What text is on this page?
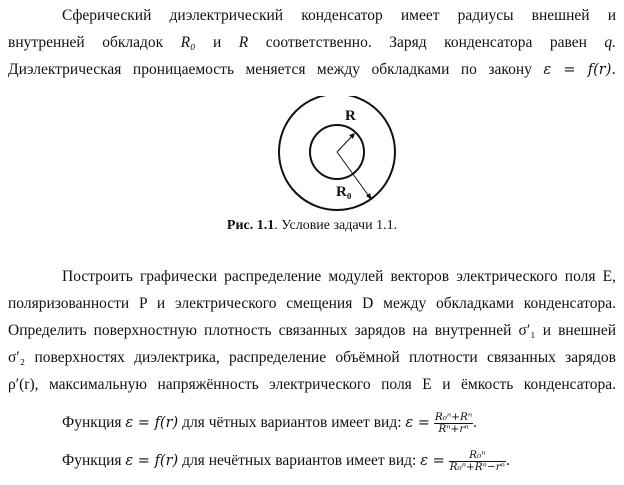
Сферический диэлектрический конденсатор имеет радиусы внешней и
внутренней обкладок R₀ и R соответственно. Заряд конденсатора равен q.
Диэлектрическая проницаемость меняется между обкладками по закону ε = f(r).
R
R₀
Рис. 1.1. Условие задачи 1.1.
Построить графически распределение модулей векторов электрического поля E,
поляризованности P и электрического смещения D между обкладками конденсатора.
Определить поверхностную плотность связанных зарядов на внутренней σ′₁ и внешней
σ′₂ поверхностях диэлектрика, распределение объёмной плотности связанных зарядов
ρ′(r), максимальную напряжённость электрического поля E и ёмкость конденсатора.
Функция ε = f(r) для чётных вариантов имеет вид: $\varepsilon = \frac{\text{R₀ⁿ+Rⁿ}}{\text{Rⁿ+rⁿ}}$ .
Функция ε = f(r) для нечётных вариантов имеет вид: $\varepsilon = \frac{\text{R₀ⁿ}}{\text{R₀ⁿ+Rⁿ−rⁿ}}$ .
